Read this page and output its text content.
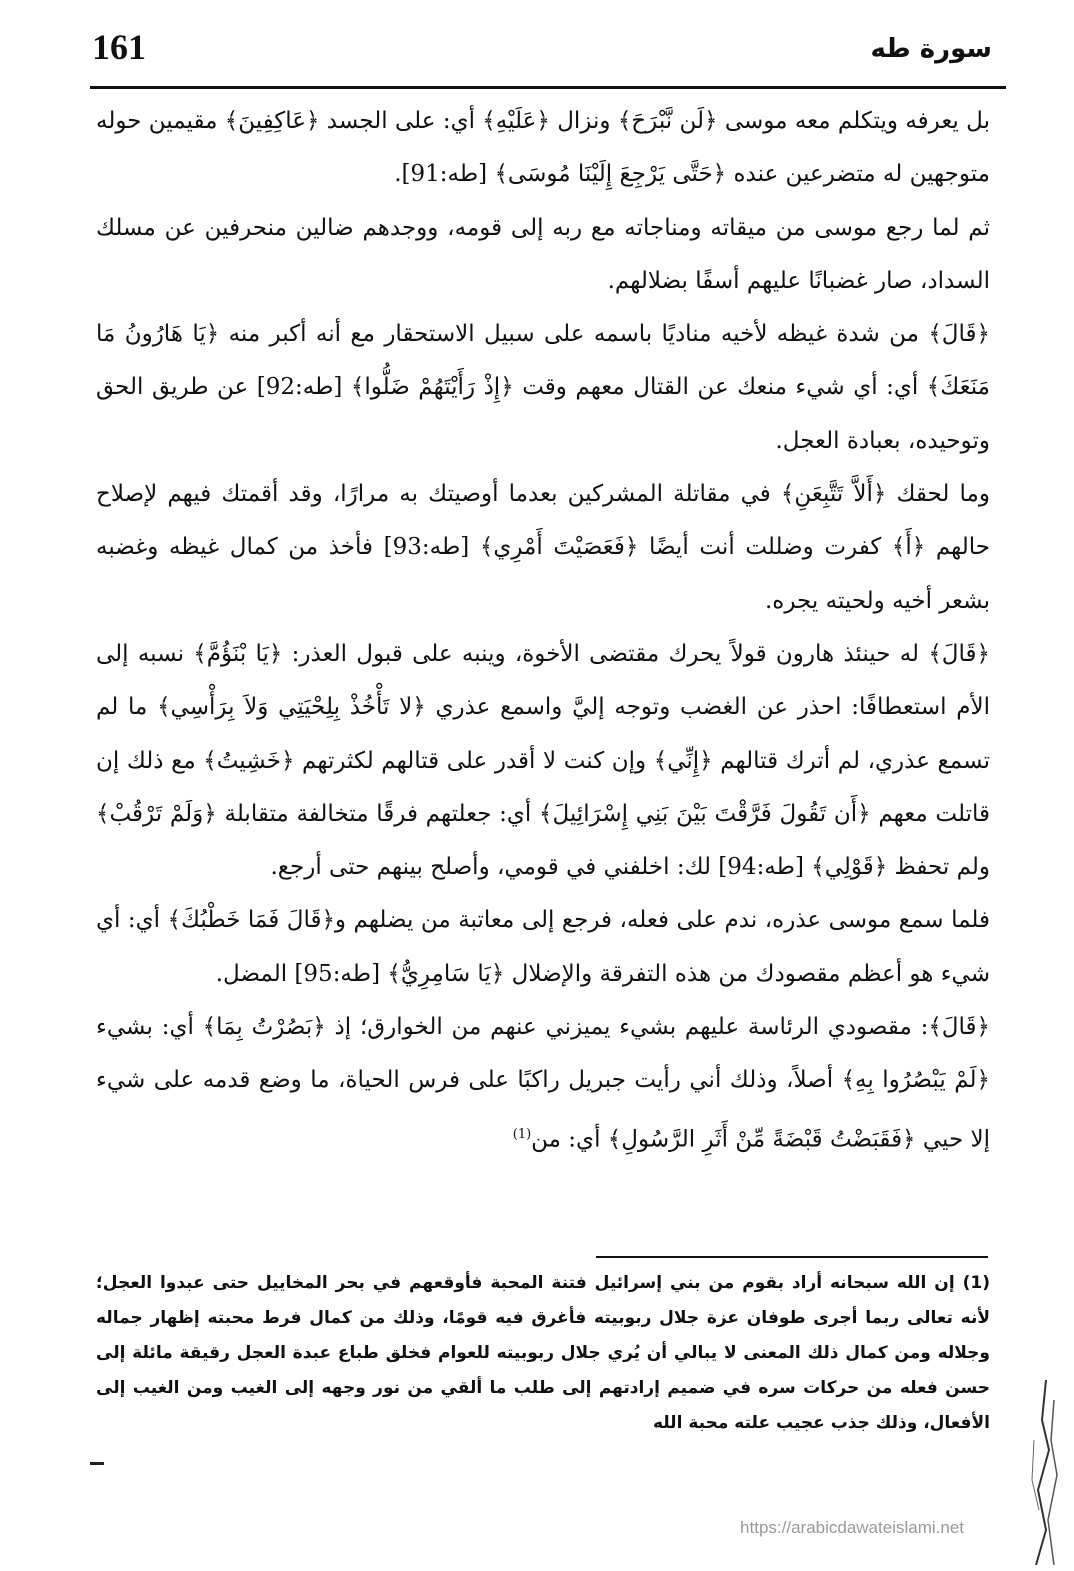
161	سورة طه

بل يعرفه ويتكلم معه موسى ﴿لَن نَّبْرَحَ﴾ ونزال ﴿عَلَيْهِ﴾ أي: على الجسد ﴿عَاكِفِينَ﴾ مقيمين حوله متوجهين له متضرعين عنده ﴿حَتَّى يَرْجِعَ إِلَيْنَا مُوسَى﴾ [طه:91].

ثم لما رجع موسى من ميقاته ومناجاته مع ربه إلى قومه، ووجدهم ضالين منحرفين عن مسلك السداد، صار غضبانًا عليهم أسفًا بضلالهم.

﴿قَالَ﴾ من شدة غيظه لأخيه مناديًا باسمه على سبيل الاستحقار مع أنه أكبر منه ﴿يَا هَارُونُ مَا مَنَعَكَ﴾ أي: أي شيء منعك عن القتال معهم وقت ﴿إِذْ رَأَيْتَهُمْ ضَلُّوا﴾ [طه:92] عن طريق الحق وتوحيده، بعبادة العجل.

وما لحقك ﴿أَلاَّ تَتَّبِعَنِ﴾ في مقاتلة المشركين بعدما أوصيتك به مرارًا، وقد أقمتك فيهم لإصلاح حالهم ﴿أَ﴾ كفرت وضللت أنت أيضًا ﴿فَعَصَيْتَ أَمْرِي﴾ [طه:93] فأخذ من كمال غيظه وغضبه بشعر أخيه ولحيته يجره.

﴿قَالَ﴾ له حينئذ هارون قولاً يحرك مقتضى الأخوة، وينبه على قبول العذر: ﴿يَا بْنَؤُمَّ﴾ نسبه إلى الأم استعطافًا: احذر عن الغضب وتوجه إليَّ واسمع عذري ﴿لا تَأْخُذْ بِلِحْيَتِي وَلاَ بِرَأْسِي﴾ ما لم تسمع عذري، لم أترك قتالهم ﴿إِنِّي﴾ وإن كنت لا أقدر على قتالهم لكثرتهم ﴿خَشِيتُ﴾ مع ذلك إن قاتلت معهم ﴿أَن تَقُولَ فَرَّقْتَ بَيْنَ بَنِي إِسْرَائِيلَ﴾ أي: جعلتهم فرقًا متخالفة متقابلة ﴿وَلَمْ تَرْقُبْ﴾ ولم تحفظ ﴿قَوْلِي﴾ [طه:94] لك: اخلفني في قومي، وأصلح بينهم حتى أرجع.

فلما سمع موسى عذره، ندم على فعله، فرجع إلى معاتبة من يضلهم و﴿قَالَ فَمَا خَطْبُكَ﴾ أي: أي شيء هو أعظم مقصودك من هذه التفرقة والإضلال ﴿يَا سَامِرِيُّ﴾ [طه:95] المضل.

﴿قَالَ﴾: مقصودي الرئاسة عليهم بشيء يميزني عنهم من الخوارق؛ إذ ﴿بَصُرْتُ بِمَا﴾ أي: بشيء ﴿لَمْ يَبْصُرُوا بِهِ﴾ أصلاً، وذلك أني رأيت جبريل راكبًا على فرس الحياة، ما وضع قدمه على شيء إلا حيي ﴿فَقَبَضْتُ قَبْضَةً مِّنْ أَثَرِ الرَّسُولِ﴾ أي: من$^{(1)}$

(1) إن الله سبحانه أراد بقوم من بني إسرائيل فتنة المحبة فأوقعهم في بحر المخاييل حتى عبدوا العجل؛ لأنه تعالى ربما أجرى طوفان عزة جلال ربوبيته فأغرق فيه قومًا، وذلك من كمال فرط محبته إظهار جماله وجلاله ومن كمال ذلك المعنى لا يبالي أن يُري جلال ربوبيته للعوام فخلق طباع عبدة العجل رقيقة مائلة إلى حسن فعله من حركات سره في ضميم إرادتهم إلى طلب ما ألقي من نور وجهه إلى الغيب ومن الغيب إلى الأفعال، وذلك جذب عجيب علته محبة الله
https://arabicdawateislami.net
